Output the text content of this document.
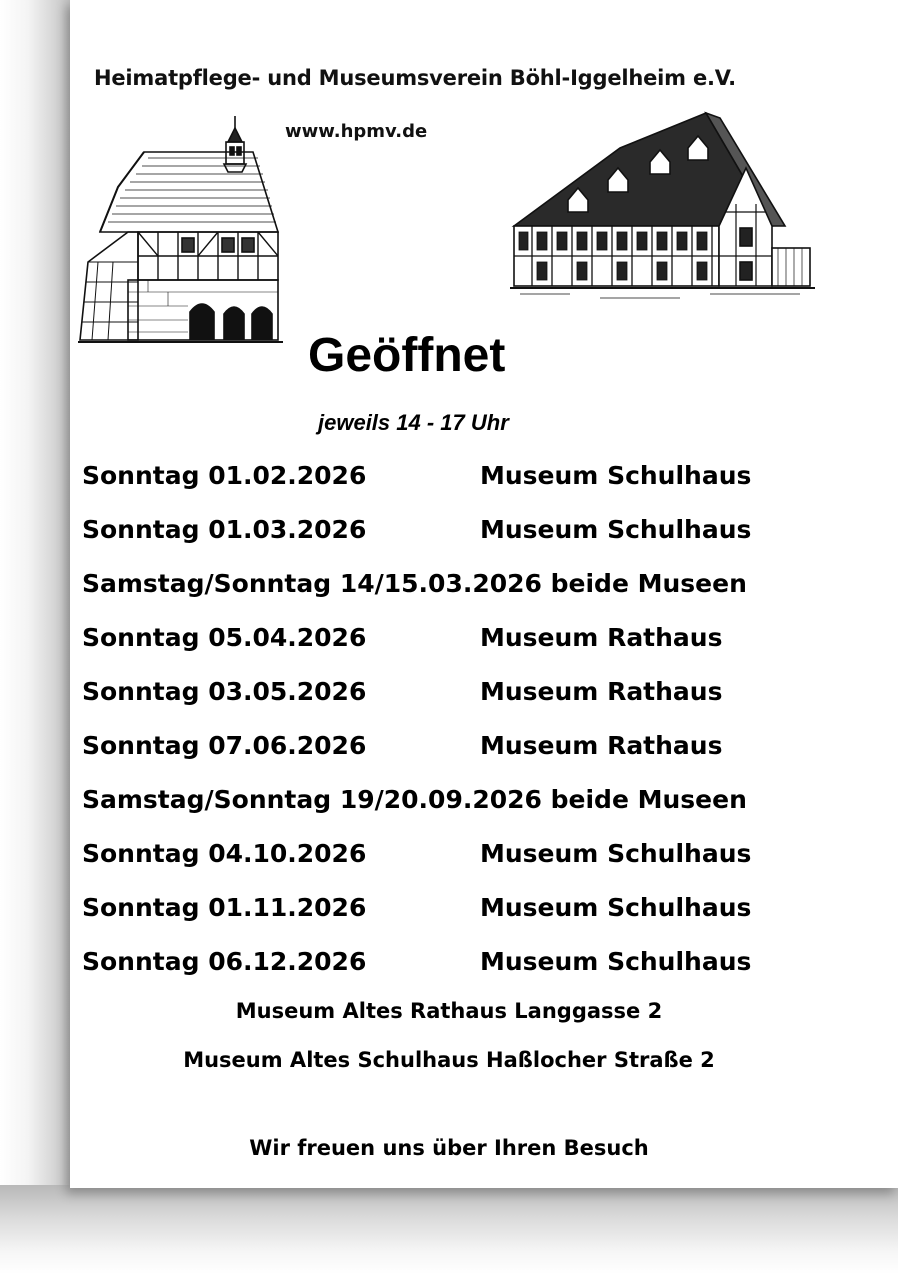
Heimatpflege- und Museumsverein Böhl-Iggelheim e.V.
www.hpmv.de
Geöffnet
jeweils 14 - 17 Uhr
Sonntag 01.02.2026	Museum Schulhaus
Sonntag 01.03.2026	Museum Schulhaus
Samstag/Sonntag 14/15.03.2026 beide Museen
Sonntag 05.04.2026	Museum Rathaus
Sonntag 03.05.2026	Museum Rathaus
Sonntag 07.06.2026	Museum Rathaus
Samstag/Sonntag 19/20.09.2026 beide Museen
Sonntag 04.10.2026	Museum Schulhaus
Sonntag 01.11.2026	Museum Schulhaus
Sonntag 06.12.2026	Museum Schulhaus
Museum Altes Rathaus Langgasse 2
Museum Altes Schulhaus Haßlocher Straße 2
Wir freuen uns über Ihren Besuch
